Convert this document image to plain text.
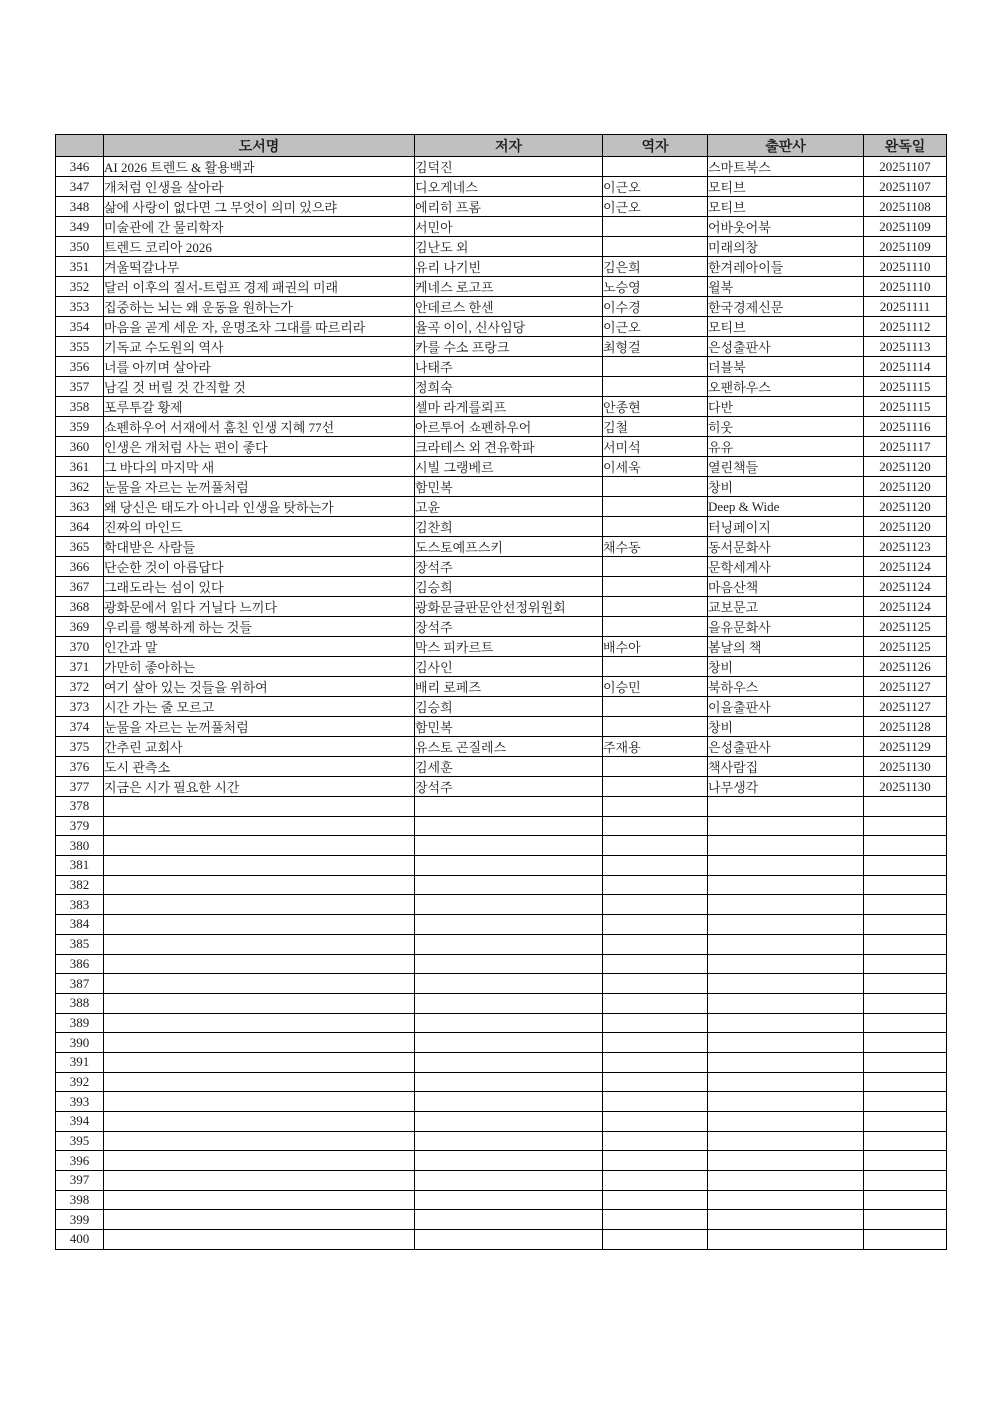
	도서명	저자	역자	출판사	완독일
346	AI 2026 트렌드 & 활용백과	김덕진		스마트북스	20251107
347	개처럼 인생을 살아라	디오게네스	이근오	모티브	20251107
348	삶에 사랑이 없다면 그 무엇이 의미 있으랴	에리히 프롬	이근오	모티브	20251108
349	미술관에 간 물리학자	서민아		어바웃어북	20251109
350	트렌드 코리아 2026	김난도 외		미래의창	20251109
351	겨울떡갈나무	유리 나기빈	김은희	한겨레아이들	20251110
352	달러 이후의 질서-트럼프 경제 패권의 미래	케네스 로고프	노승영	윌북	20251110
353	집중하는 뇌는 왜 운동을 원하는가	안데르스 한센	이수경	한국경제신문	20251111
354	마음을 곧게 세운 자, 운명조차 그대를 따르리라	율곡 이이, 신사임당	이근오	모티브	20251112
355	기독교 수도원의 역사	카를 수소 프랑크	최형걸	은성출판사	20251113
356	너를 아끼며 살아라	나태주		더블북	20251114
357	남길 것 버릴 것 간직할 것	정희숙		오팬하우스	20251115
358	포루투갈 황제	셀마 라게를뢰프	안종현	다반	20251115
359	쇼펜하우어 서재에서 훔친 인생 지혜 77선	아르투어 쇼펜하우어	김철	히웃	20251116
360	인생은 개처럼 사는 편이 좋다	크라테스 외 견유학파	서미석	유유	20251117
361	그 바다의 마지막 새	시빌 그랭베르	이세욱	열린책들	20251120
362	눈물을 자르는 눈꺼풀처럼	함민복		창비	20251120
363	왜 당신은 태도가 아니라 인생을 탓하는가	고윤		Deep & Wide	20251120
364	진짜의 마인드	김찬희		터닝페이지	20251120
365	학대받은 사람들	도스토예프스키	채수동	동서문화사	20251123
366	단순한 것이 아름답다	장석주		문학세계사	20251124
367	그래도라는 섬이 있다	김승희		마음산책	20251124
368	광화문에서 읽다 거닐다 느끼다	광화문글판문안선정위원회		교보문고	20251124
369	우리를 행복하게 하는 것들	장석주		을유문화사	20251125
370	인간과 말	막스 피카르트	배수아	봄날의 책	20251125
371	가만히 좋아하는	김사인		창비	20251126
372	여기 살아 있는 것들을 위하여	배리 로페즈	이승민	북하우스	20251127
373	시간 가는 줄 모르고	김승희		이을출판사	20251127
374	눈물을 자르는 눈꺼풀처럼	함민복		창비	20251128
375	간추린 교회사	유스토 곤질레스	주재용	은성출판사	20251129
376	도시 관측소	김세훈		책사람집	20251130
377	지금은 시가 필요한 시간	장석주		나무생각	20251130
378					
379					
380					
381					
382					
383					
384					
385					
386					
387					
388					
389					
390					
391					
392					
393					
394					
395					
396					
397					
398					
399					
400					
